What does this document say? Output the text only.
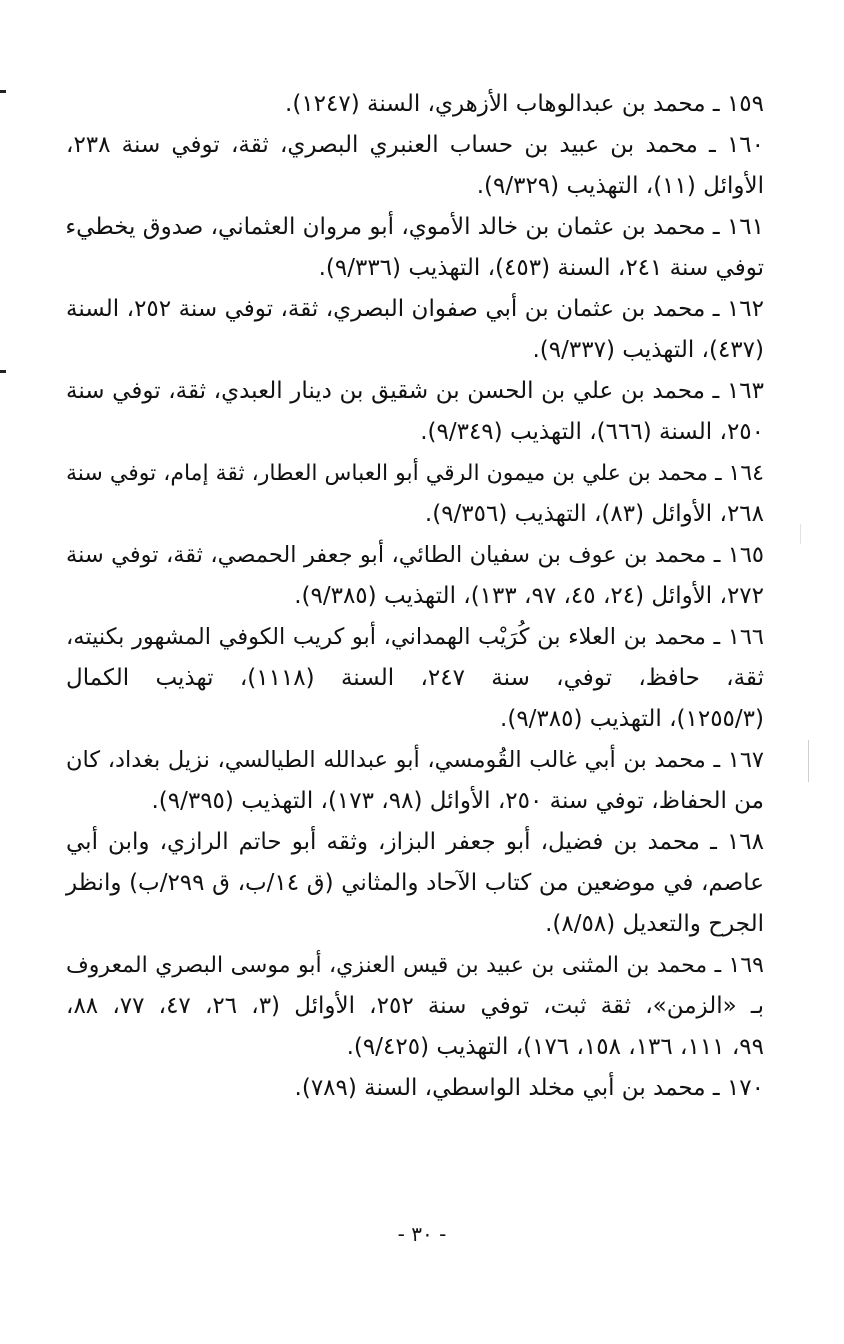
١٥٩ ـ محمد بن عبدالوهاب الأزهري، السنة (١٢٤٧).
١٦٠ ـ محمد بن عبيد بن حساب العنبري البصري، ثقة، توفي سنة ٢٣٨،
الأوائل (١١)، التهذيب (٩/٣٢٩).
١٦١ ـ محمد بن عثمان بن خالد الأموي، أبو مروان العثماني، صدوق يخطيء
توفي سنة ٢٤١، السنة (٤٥٣)، التهذيب (٩/٣٣٦).
١٦٢ ـ محمد بن عثمان بن أبي صفوان البصري، ثقة، توفي سنة ٢٥٢، السنة
(٤٣٧)، التهذيب (٩/٣٣٧).
١٦٣ ـ محمد بن علي بن الحسن بن شقيق بن دينار العبدي، ثقة، توفي سنة
٢٥٠، السنة (٦٦٦)، التهذيب (٩/٣٤٩).
١٦٤ ـ محمد بن علي بن ميمون الرقي أبو العباس العطار، ثقة إمام، توفي سنة
٢٦٨، الأوائل (٨٣)، التهذيب (٩/٣٥٦).
١٦٥ ـ محمد بن عوف بن سفيان الطائي، أبو جعفر الحمصي، ثقة، توفي سنة
٢٧٢، الأوائل (٢٤، ٤٥، ٩٧، ١٣٣)، التهذيب (٩/٣٨٥).
١٦٦ ـ محمد بن العلاء بن كُرَيْب الهمداني، أبو كريب الكوفي المشهور بكنيته،
ثقة، حافظ، توفي، سنة ٢٤٧، السنة (١١١٨)، تهذيب الكمال
(١٢٥٥/٣)، التهذيب (٩/٣٨٥).
١٦٧ ـ محمد بن أبي غالب القُومسي، أبو عبدالله الطيالسي، نزيل بغداد، كان
من الحفاظ، توفي سنة ٢٥٠، الأوائل (٩٨، ١٧٣)، التهذيب (٩/٣٩٥).
١٦٨ ـ محمد بن فضيل، أبو جعفر البزاز، وثقه أبو حاتم الرازي، وابن أبي
عاصم، في موضعين من كتاب الآحاد والمثاني (ق ١٤/ب، ق ٢٩٩/ب) وانظر
الجرح والتعديل (٨/٥٨).
١٦٩ ـ محمد بن المثنى بن عبيد بن قيس العنزي، أبو موسى البصري المعروف
بـ «الزمن»، ثقة ثبت، توفي سنة ٢٥٢، الأوائل (٣، ٢٦، ٤٧، ٧٧، ٨٨،
٩٩، ١١١، ١٣٦، ١٥٨، ١٧٦)، التهذيب (٩/٤٢٥).
١٧٠ ـ محمد بن أبي مخلد الواسطي، السنة (٧٨٩).
- ٣٠ -
